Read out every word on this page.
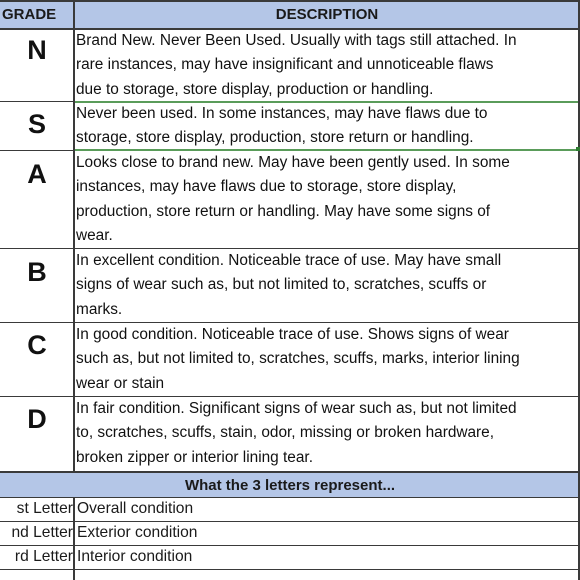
GRADE	DESCRIPTION
N Brand New. Never Been Used. Usually with tags still attached. In
rare instances, may have insignificant and unnoticeable flaws
due to storage, store display, production or handling.
S Never been used. In some instances, may have flaws due to
storage, store display, production, store return or handling.
A Looks close to brand new. May have been gently used. In some
instances, may have flaws due to storage, store display,
production, store return or handling. May have some signs of
wear.
B In excellent condition. Noticeable trace of use. May have small
signs of wear such as, but not limited to, scratches, scuffs or
marks.
C In good condition. Noticeable trace of use. Shows signs of wear
such as, but not limited to, scratches, scuffs, marks, interior lining
wear or stain
D In fair condition. Significant signs of wear such as, but not limited
to, scratches, scuffs, stain, odor, missing or broken hardware,
broken zipper or interior lining tear.
What the 3 letters represent...
st Letter Overall condition
nd Letter Exterior condition
rd Letter Interior condition
